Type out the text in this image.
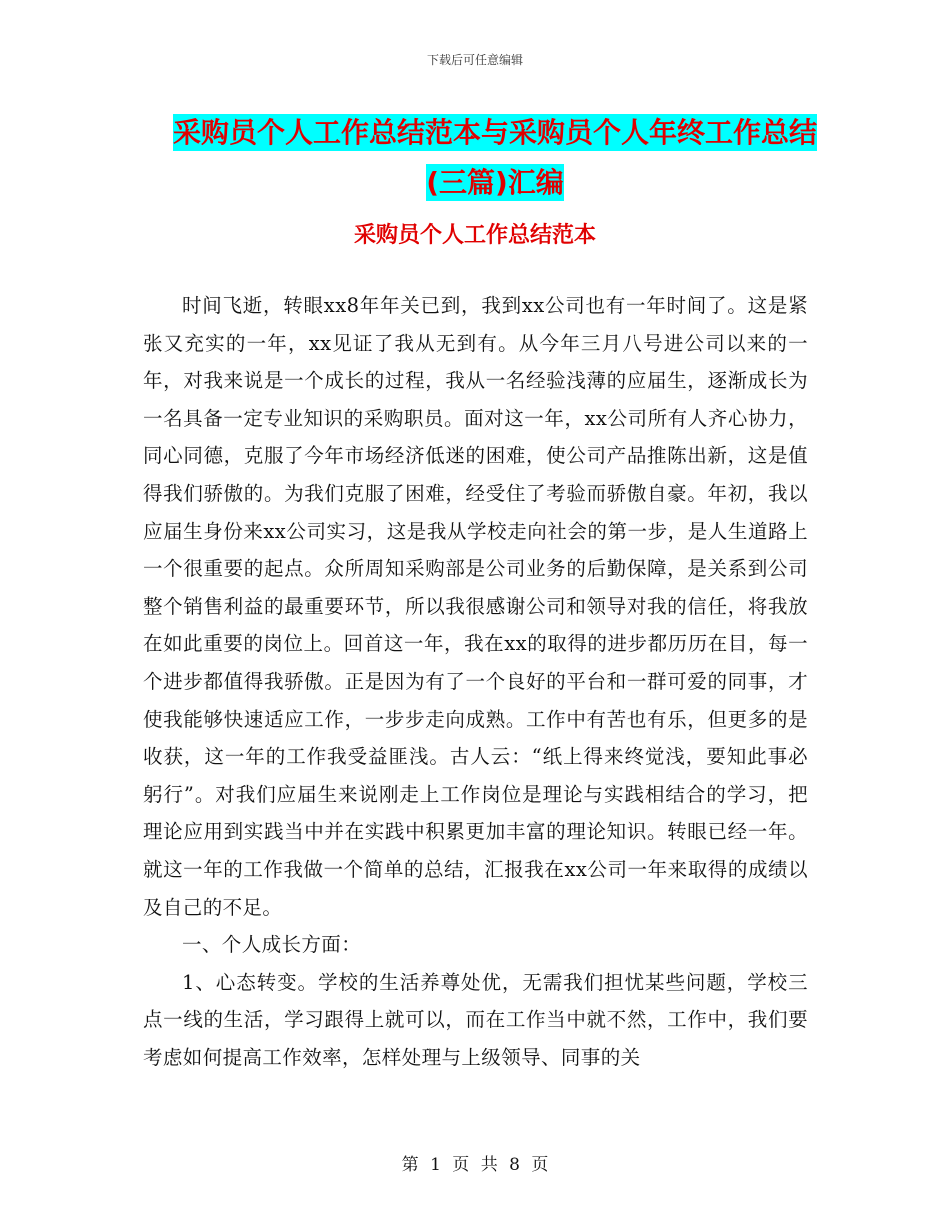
下载后可任意编辑
采购员个人工作总结范本与采购员个人年终工作总结
(三篇)汇编
采购员个人工作总结范本

时间飞逝，转眼xx8年年关已到，我到xx公司也有一年时间了。这是紧张又充实的一年，xx见证了我从无到有。从今年三月八号进公司以来的一年，对我来说是一个成长的过程，我从一名经验浅薄的应届生，逐渐成长为一名具备一定专业知识的采购职员。面对这一年，xx公司所有人齐心协力，同心同德，克服了今年市场经济低迷的困难，使公司产品推陈出新，这是值得我们骄傲的。为我们克服了困难，经受住了考验而骄傲自豪。年初，我以应届生身份来xx公司实习，这是我从学校走向社会的第一步，是人生道路上一个很重要的起点。众所周知采购部是公司业务的后勤保障，是关系到公司整个销售利益的最重要环节，所以我很感谢公司和领导对我的信任，将我放在如此重要的岗位上。回首这一年，我在xx的取得的进步都历历在目，每一个进步都值得我骄傲。正是因为有了一个良好的平台和一群可爱的同事，才使我能够快速适应工作，一步步走向成熟。工作中有苦也有乐，但更多的是收获，这一年的工作我受益匪浅。古人云：“纸上得来终觉浅，要知此事必躬行”。对我们应届生来说刚走上工作岗位是理论与实践相结合的学习，把理论应用到实践当中并在实践中积累更加丰富的理论知识。转眼已经一年。就这一年的工作我做一个简单的总结，汇报我在xx公司一年来取得的成绩以及自己的不足。

一、个人成长方面：

1、心态转变。学校的生活养尊处优，无需我们担忧某些问题，学校三点一线的生活，学习跟得上就可以，而在工作当中就不然，工作中，我们要考虑如何提高工作效率，怎样处理与上级领导、同事的关

第 1 页 共 8 页
